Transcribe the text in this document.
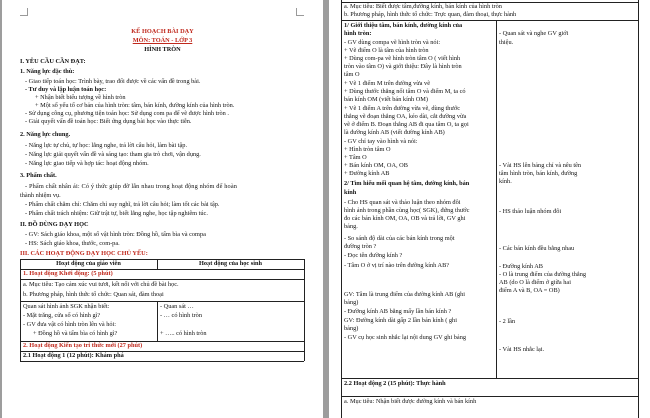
KẾ HOẠCH BÀI DẠY
MÔN: TOÁN - LỚP 3
HÌNH TRÒN
I. YÊU CẦU CẦN ĐẠT:
1. Năng lực đặc thù:
- Giao tiếp toán học: Trình bày, trao đổi được về các vấn đề trong bài.
- Tư duy và lập luận toán học:
+ Nhận biết biểu tượng về hình tròn
+ Một số yếu tố cơ bản của hình tròn: tâm, bán kính, đường kính của hình tròn.
- Sử dụng công cụ, phương tiện toán học: Sử dụng com pa để vẽ được hình tròn .
- Giải quyết vấn đề toán học: Biết ứng dụng bài học vào thực tiễn.
2. Năng lực chung.
- Năng lực tự chủ, tự học: lắng nghe, trả lời câu hỏi, làm bài tập.
- Năng lực giải quyết vấn đề và sáng tạo: tham gia trò chơi, vận dụng.
- Năng lực giao tiếp và hợp tác: hoạt động nhóm.
3. Phẩm chất.
- Phẩm chất nhân ái: Có ý thức giúp đỡ lẫn nhau trong hoạt động nhóm để hoàn
thành nhiệm vụ.
- Phẩm chất chăm chỉ: Chăm chỉ suy nghĩ, trả lời câu hỏi; làm tốt các bài tập.
- Phẩm chất trách nhiệm: Giữ trật tự, biết lắng nghe, học tập nghiêm túc.
II. ĐỒ DÙNG DẠY HỌC
- GV: Sách giáo khoa, một số vật hình tròn: Đồng hồ, tấm bìa và compa
- HS: Sách giáo khoa, thước, com-pa.
III. CÁC HOẠT ĐỘNG DẠY HỌC CHỦ YẾU:
Hoạt động của giáo viên	Hoạt động của học sinh
1. Hoạt động Khởi động: (5 phút)
a. Mục tiêu: Tạo cảm xúc vui tươi, kết nối với chủ đề bài học.
b. Phương pháp, hình thức tổ chức: Quan sát, đàm thoại
Quan sát hình ảnh SGK nhận biết:
- Mặt trăng, cửa sổ có hình gì?
- GV đưa vật có hình tròn lên và hỏi:
+ Đồng hồ và tấm bìa có hình gì?
- Quan sát …
- … có hình tròn
+ ….. có hình tròn
2. Hoạt động Kiến tạo tri thức mới (27 phút)
2.1 Hoạt động 1 (12 phút): Khám phá
a. Mục tiêu: Biết được tâm,đường kính, bán kính của hình tròn
b. Phương pháp, hình thức tổ chức: Trực quan, đàm thoại, thực hành
1/ Giới thiệu tâm, bán kính, đường kính của
hình tròn:
- GV dùng compa vẽ hình tròn và nói:
+ Vẽ điểm O là tâm của hình tròn
+ Dùng com-pa vẽ hình tròn tâm O ( viết hình
tròn vào tâm O) và giới thiệu: Đây là hình tròn
tâm O
+ Vẽ 1 điểm M trên đường vừa vẽ
+ Dùng thước thẳng nối tâm O và điểm M, ta có
bán kính OM (viết bán kính OM)
+ Vẽ 1 điểm A trên đường vừa vẽ, dùng thước
thẳng vẽ đoạn thẳng OA, kéo dài, cắt đường vừa
vẽ ở điểm B. Đoạn thẳng AB đi qua tâm O, ta gọi
là đường kính AB (viết đường kính AB)
- GV chỉ tay vào hình và nói:
+ Hình tròn tâm O
+ Tâm O
+ Bán kính OM, OA, OB
+ Đường kính AB
2/ Tìm hiểu mối quan hệ tâm, đường kính, bán
kính
- Cho HS quan sát và thảo luận theo nhóm đôi
hình ảnh trong phần cùng học( SGK), đứng thước
đo các bán kính OM, OA, OB và trả lời, GV ghi
bảng.
- So sánh độ dài của các bán kính trong một
đường tròn ?
- Đọc tên đường kính ?
- Tâm O ở vị trí nào trên đường kính AB?
GV: Tâm là trung điểm của đường kính AB (ghi
bảng)
- Đường kính AB bằng mấy lần bán kính ?
GV: Đường kính dài gấp 2 lần bán kính ( ghi
bảng)
- GV cụ học sinh nhắc lại nội dung GV ghi bảng
- Quan sát và nghe GV giới
thiệu.
- Vài HS lên bảng chỉ và nêu tên
tâm hình tròn, bán kính, đường
kính.
- HS thảo luận nhóm đôi
- Các bán kính đều bằng nhau
- Đường kính AB
- O là trung điểm của đường thẳng
AB (do O là điểm ở giữa hai
điểm A và B, OA = OB)
- 2 lần
- Vài HS nhắc lại.
2.2 Hoạt động 2 (15 phút): Thực hành
a. Mục tiêu: Nhận biết được đường kính và bán kính
